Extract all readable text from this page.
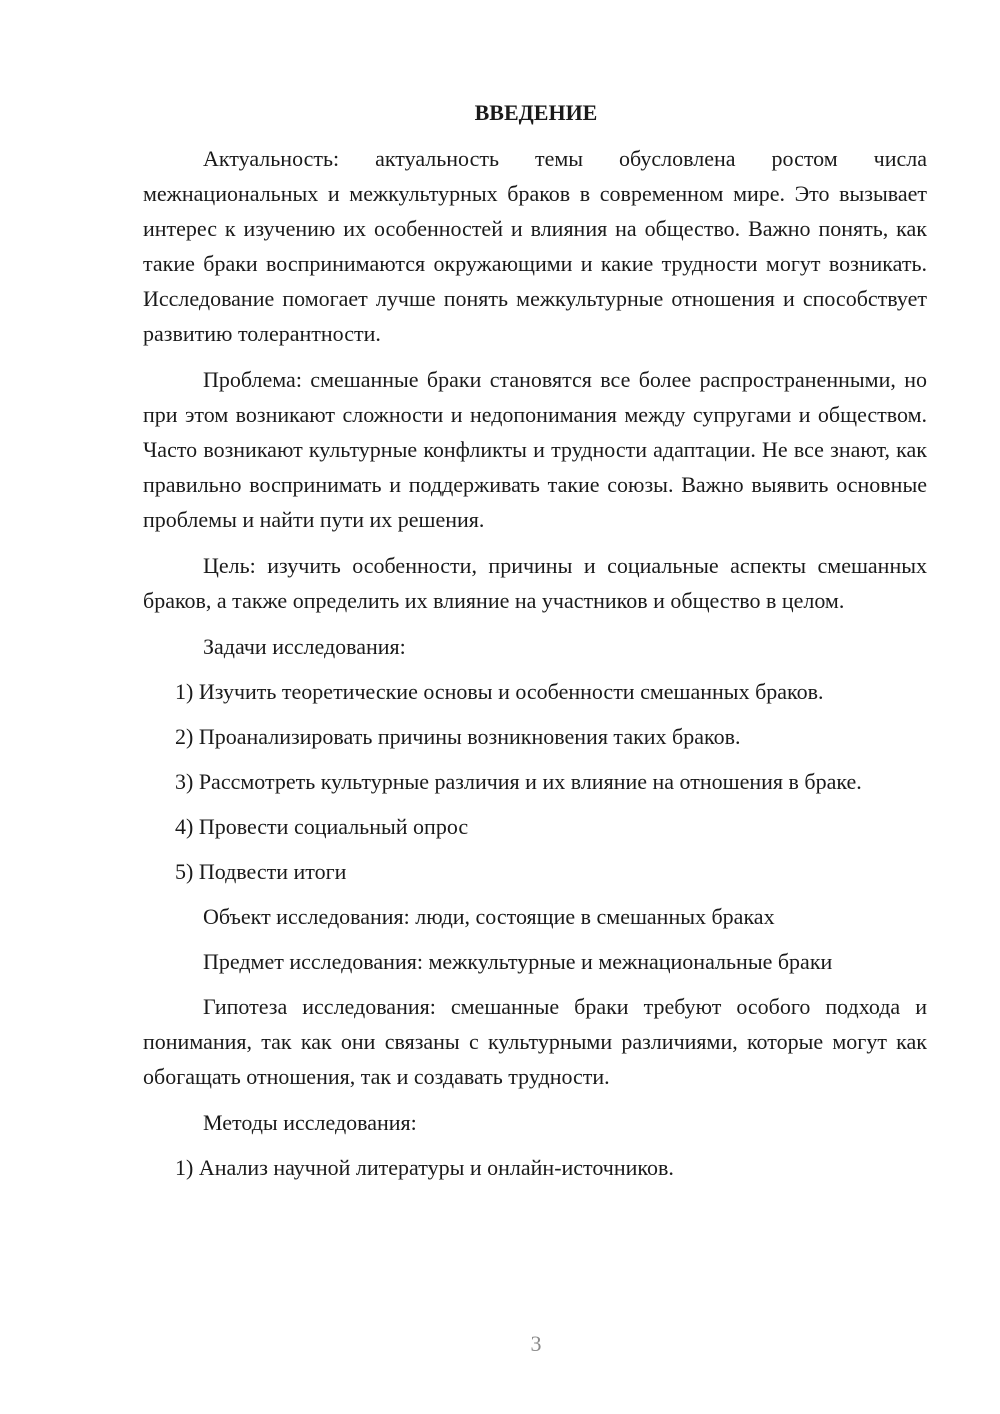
ВВЕДЕНИЕ

Актуальность: актуальность темы обусловлена ростом числа межнациональных и межкультурных браков в современном мире. Это вызывает интерес к изучению их особенностей и влияния на общество. Важно понять, как такие браки воспринимаются окружающими и какие трудности могут возникать. Исследование помогает лучше понять межкультурные отношения и способствует развитию толерантности.

Проблема: смешанные браки становятся все более распространенными, но при этом возникают сложности и недопонимания между супругами и обществом. Часто возникают культурные конфликты и трудности адаптации. Не все знают, как правильно воспринимать и поддерживать такие союзы. Важно выявить основные проблемы и найти пути их решения.

Цель: изучить особенности, причины и социальные аспекты смешанных браков, а также определить их влияние на участников и общество в целом.

Задачи исследования:

1) Изучить теоретические основы и особенности смешанных браков.

2) Проанализировать причины возникновения таких браков.

3) Рассмотреть культурные различия и их влияние на отношения в браке.

4) Провести социальный опрос

5) Подвести итоги

Объект исследования: люди, состоящие в смешанных браках

Предмет исследования: межкультурные и межнациональные браки

Гипотеза исследования: смешанные браки требуют особого подхода и понимания, так как они связаны с культурными различиями, которые могут как обогащать отношения, так и создавать трудности.

Методы исследования:

1) Анализ научной литературы и онлайн-источников.

3
